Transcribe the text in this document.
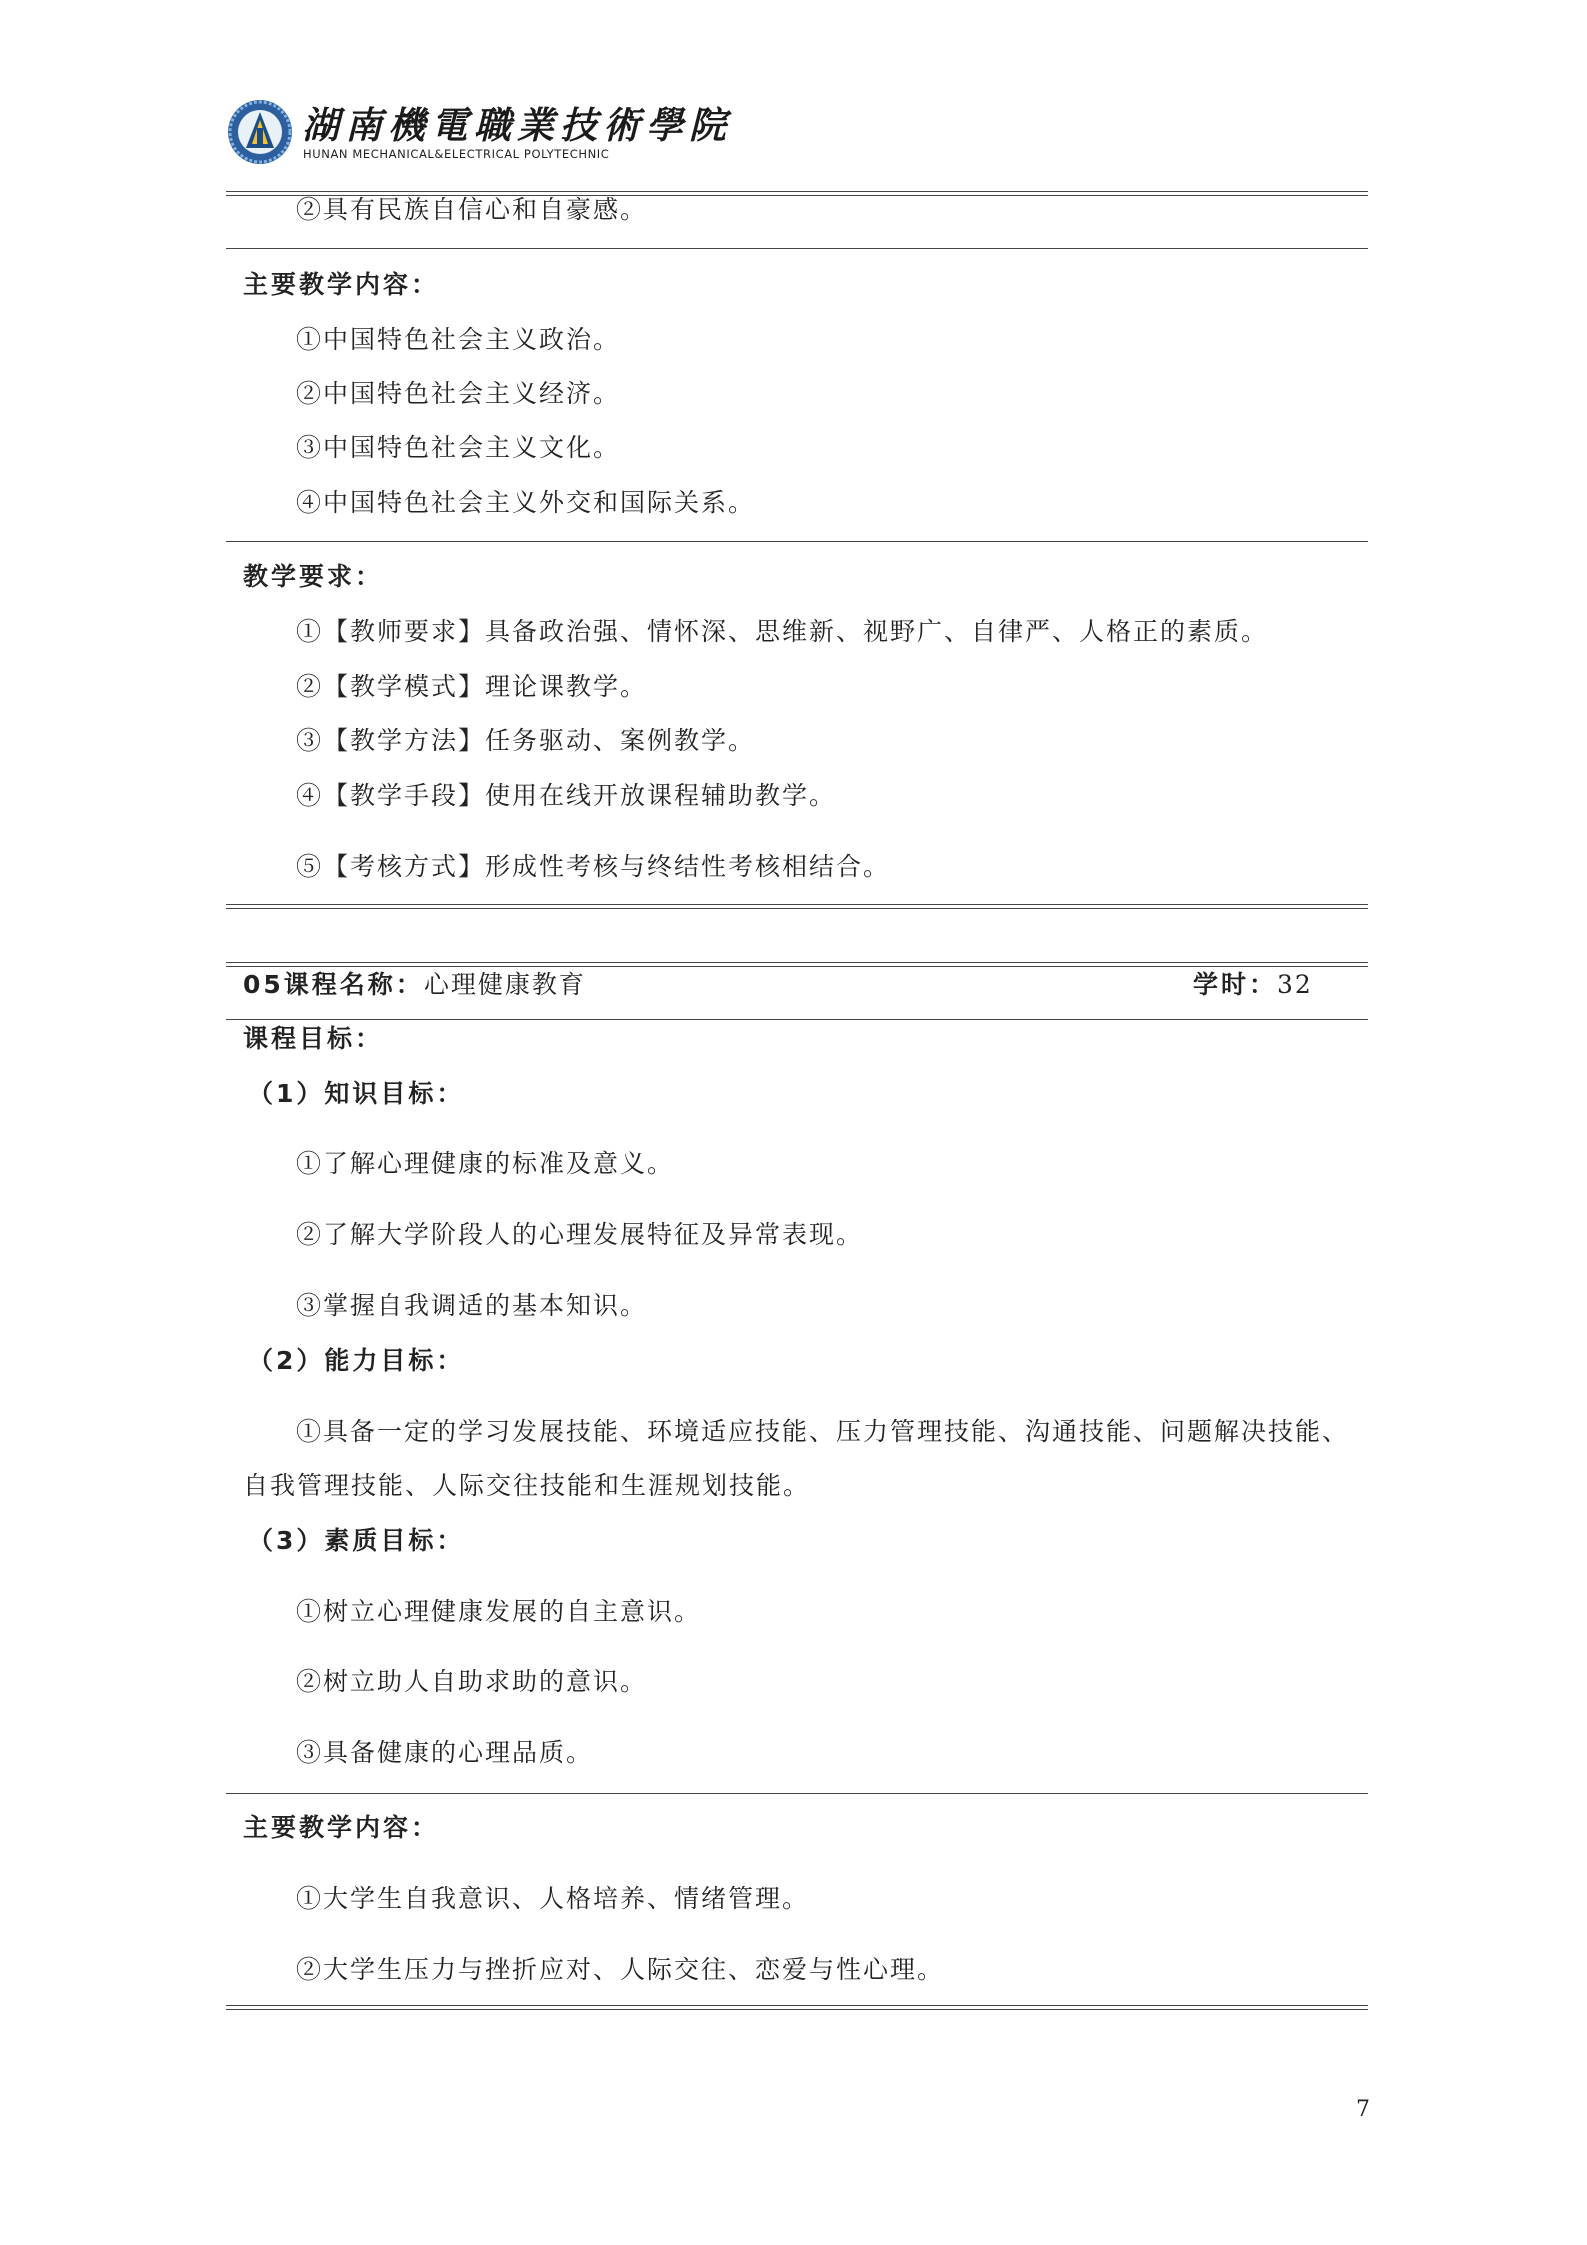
湖南機電職業技術學院
HUNAN MECHANICAL&ELECTRICAL POLYTECHNIC
②具有民族自信心和自豪感。
主要教学内容：
①中国特色社会主义政治。
②中国特色社会主义经济。
③中国特色社会主义文化。
④中国特色社会主义外交和国际关系。
教学要求：
①【教师要求】具备政治强、情怀深、思维新、视野广、自律严、人格正的素质。
②【教学模式】理论课教学。
③【教学方法】任务驱动、案例教学。
④【教学手段】使用在线开放课程辅助教学。
⑤【考核方式】形成性考核与终结性考核相结合。
05课程名称：心理健康教育	学时：32
课程目标：
（1）知识目标：
①了解心理健康的标准及意义。
②了解大学阶段人的心理发展特征及异常表现。
③掌握自我调适的基本知识。
（2）能力目标：
①具备一定的学习发展技能、环境适应技能、压力管理技能、沟通技能、问题解决技能、
自我管理技能、人际交往技能和生涯规划技能。
（3）素质目标：
①树立心理健康发展的自主意识。
②树立助人自助求助的意识。
③具备健康的心理品质。
主要教学内容：
①大学生自我意识、人格培养、情绪管理。
②大学生压力与挫折应对、人际交往、恋爱与性心理。
7
